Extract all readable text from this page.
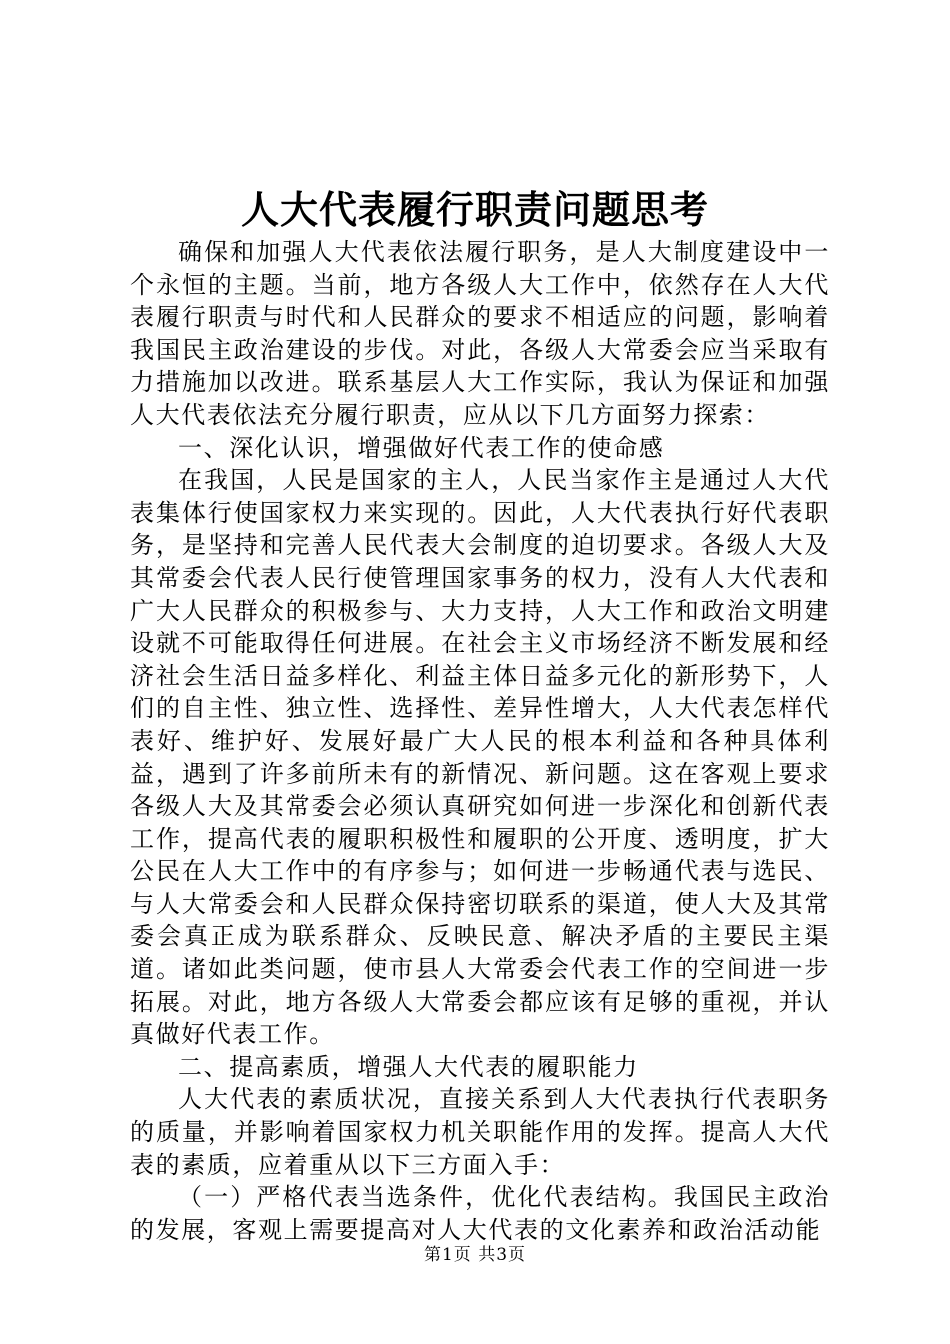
人大代表履行职责问题思考

确保和加强人大代表依法履行职务，是人大制度建设中一个永恒的主题。当前，地方各级人大工作中，依然存在人大代表履行职责与时代和人民群众的要求不相适应的问题，影响着我国民主政治建设的步伐。对此，各级人大常委会应当采取有力措施加以改进。联系基层人大工作实际，我认为保证和加强人大代表依法充分履行职责，应从以下几方面努力探索：

一、深化认识，增强做好代表工作的使命感

在我国，人民是国家的主人，人民当家作主是通过人大代表集体行使国家权力来实现的。因此，人大代表执行好代表职务，是坚持和完善人民代表大会制度的迫切要求。各级人大及其常委会代表人民行使管理国家事务的权力，没有人大代表和广大人民群众的积极参与、大力支持，人大工作和政治文明建设就不可能取得任何进展。在社会主义市场经济不断发展和经济社会生活日益多样化、利益主体日益多元化的新形势下，人们的自主性、独立性、选择性、差异性增大，人大代表怎样代表好、维护好、发展好最广大人民的根本利益和各种具体利益，遇到了许多前所未有的新情况、新问题。这在客观上要求各级人大及其常委会必须认真研究如何进一步深化和创新代表工作，提高代表的履职积极性和履职的公开度、透明度，扩大公民在人大工作中的有序参与；如何进一步畅通代表与选民、与人大常委会和人民群众保持密切联系的渠道，使人大及其常委会真正成为联系群众、反映民意、解决矛盾的主要民主渠道。诸如此类问题，使市县人大常委会代表工作的空间进一步拓展。对此，地方各级人大常委会都应该有足够的重视，并认真做好代表工作。

二、提高素质，增强人大代表的履职能力

人大代表的素质状况，直接关系到人大代表执行代表职务的质量，并影响着国家权力机关职能作用的发挥。提高人大代表的素质，应着重从以下三方面入手：

（一）严格代表当选条件，优化代表结构。我国民主政治的发展，客观上需要提高对人大代表的文化素养和政治活动能

第1页 共3页
